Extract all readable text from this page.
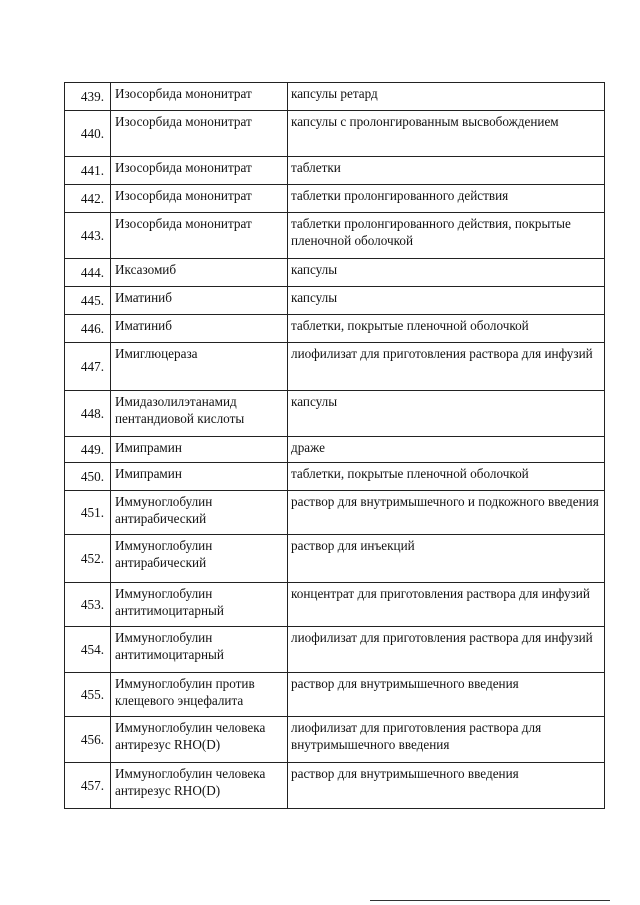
439.	Изосорбида мононитрат	капсулы ретард
440.	Изосорбида мононитрат	капсулы с пролонгированным высвобождением
441.	Изосорбида мононитрат	таблетки
442.	Изосорбида мононитрат	таблетки пролонгированного действия
443.	Изосорбида мононитрат	таблетки пролонгированного действия, покрытые пленочной оболочкой
444.	Иксазомиб	капсулы
445.	Иматиниб	капсулы
446.	Иматиниб	таблетки, покрытые пленочной оболочкой
447.	Имиглюцераза	лиофилизат для приготовления раствора для инфузий
448.	Имидазолилэтанамид пентандиовой кислоты	капсулы
449.	Имипрамин	драже
450.	Имипрамин	таблетки, покрытые пленочной оболочкой
451.	Иммуноглобулин антирабический	раствор для внутримышечного и подкожного введения
452.	Иммуноглобулин антирабический	раствор для инъекций
453.	Иммуноглобулин антитимоцитарный	концентрат для приготовления раствора для инфузий
454.	Иммуноглобулин антитимоцитарный	лиофилизат для приготовления раствора для инфузий
455.	Иммуноглобулин против клещевого энцефалита	раствор для внутримышечного введения
456.	Иммуноглобулин человека антирезус RHO(D)	лиофилизат для приготовления раствора для внутримышечного введения
457.	Иммуноглобулин человека антирезус RHO(D)	раствор для внутримышечного введения
